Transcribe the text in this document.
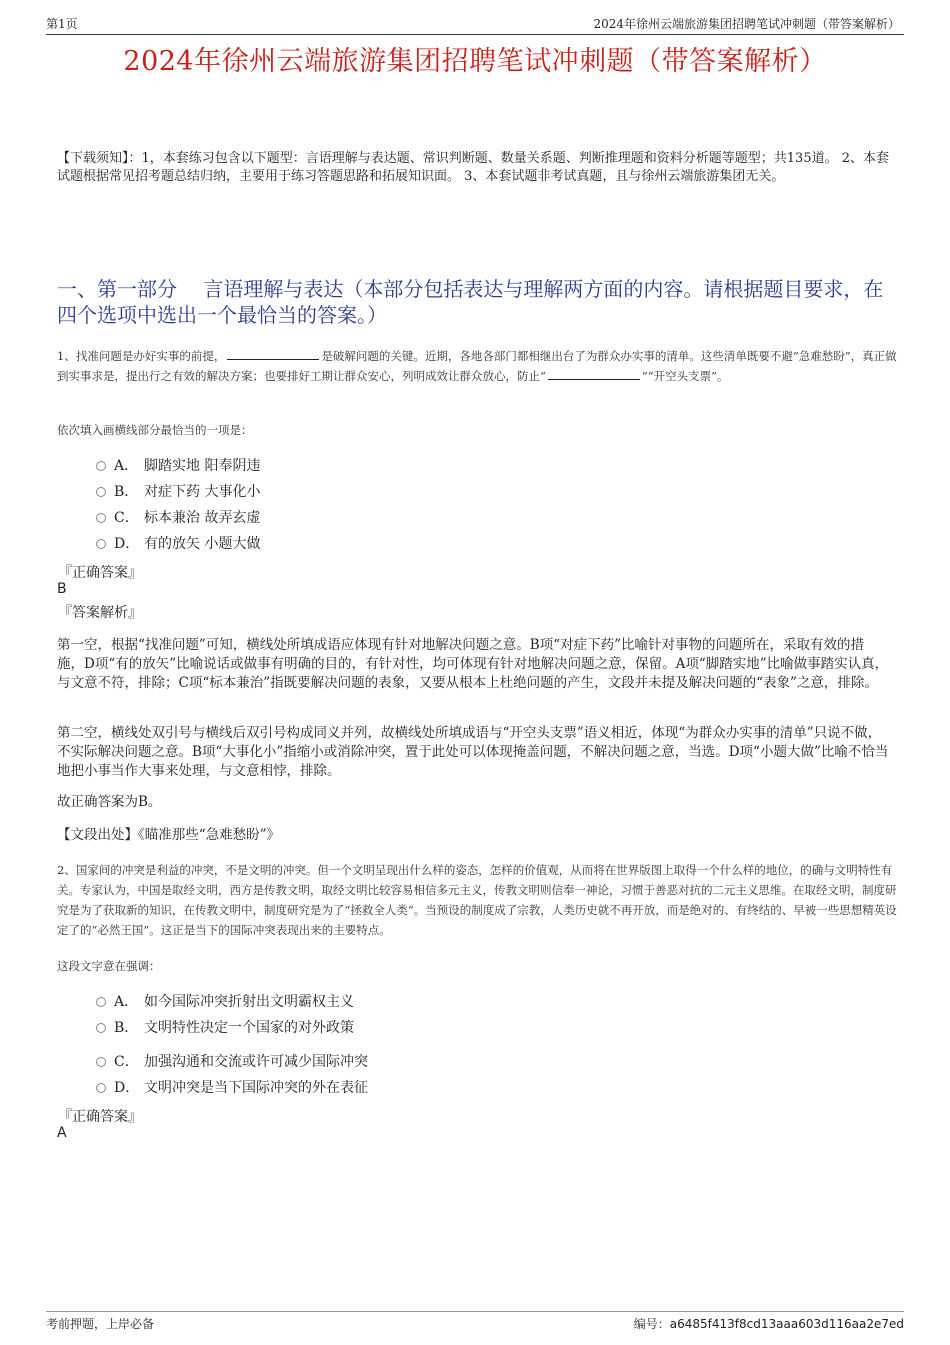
第1页	2024年徐州云端旅游集团招聘笔试冲刺题（带答案解析）
2024年徐州云端旅游集团招聘笔试冲刺题（带答案解析）
【下载须知】：1，本套练习包含以下题型：言语理解与表达题、常识判断题、数量关系题、判断推理题和资料分析题等题型；共135道。 2、本套试题根据常见招考题总结归纳，主要用于练习答题思路和拓展知识面。 3、本套试题非考试真题，且与徐州云端旅游集团无关。
一、第一部分　 言语理解与表达（本部分包括表达与理解两方面的内容。请根据题目要求，在四个选项中选出一个最恰当的答案。）
1、找准问题是办好实事的前提，	是破解问题的关键。近期，各地各部门都相继出台了为群众办实事的清单。这些清单既要不避“急难愁盼”，真正做到实事求是，提出行之有效的解决方案；也要排好工期让群众安心，列明成效让群众放心，防止“	”“开空头支票”。
依次填入画横线部分最恰当的一项是：
A． 脚踏实地 阳奉阴违
B． 对症下药 大事化小
C． 标本兼治 故弄玄虚
D． 有的放矢 小题大做
『正确答案』
B
『答案解析』
第一空，根据“找准问题”可知，横线处所填成语应体现有针对地解决问题之意。B项“对症下药”比喻针对事物的问题所在，采取有效的措施，D项“有的放矢”比喻说话或做事有明确的目的，有针对性，均可体现有针对地解决问题之意，保留。A项“脚踏实地”比喻做事踏实认真，与文意不符，排除；C项“标本兼治”指既要解决问题的表象，又要从根本上杜绝问题的产生，文段并未提及解决问题的“表象”之意，排除。
第二空，横线处双引号与横线后双引号构成同义并列，故横线处所填成语与“开空头支票”语义相近，体现“为群众办实事的清单”只说不做，不实际解决问题之意。B项“大事化小”指缩小或消除冲突，置于此处可以体现掩盖问题，不解决问题之意，当选。D项“小题大做”比喻不恰当地把小事当作大事来处理，与文意相悖，排除。
故正确答案为B。
【文段出处】《瞄准那些“急难愁盼”》
2、国家间的冲突是利益的冲突，不是文明的冲突。但一个文明呈现出什么样的姿态，怎样的价值观，从而将在世界版图上取得一个什么样的地位，的确与文明特性有关。专家认为，中国是取经文明，西方是传教文明，取经文明比较容易相信多元主义，传教文明则信奉一神论，习惯于善恶对抗的二元主义思维。在取经文明，制度研究是为了获取新的知识，在传教文明中，制度研究是为了“拯救全人类”。当预设的制度成了宗教，人类历史就不再开放，而是绝对的、有终结的、早被一些思想精英设定了的“必然王国”。这正是当下的国际冲突表现出来的主要特点。
这段文字意在强调：
A． 如今国际冲突折射出文明霸权主义
B． 文明特性决定一个国家的对外政策
C． 加强沟通和交流或许可减少国际冲突
D． 文明冲突是当下国际冲突的外在表征
『正确答案』
A
考前押题，上岸必备	编号：a6485f413f8cd13aaa603d116aa2e7ed
